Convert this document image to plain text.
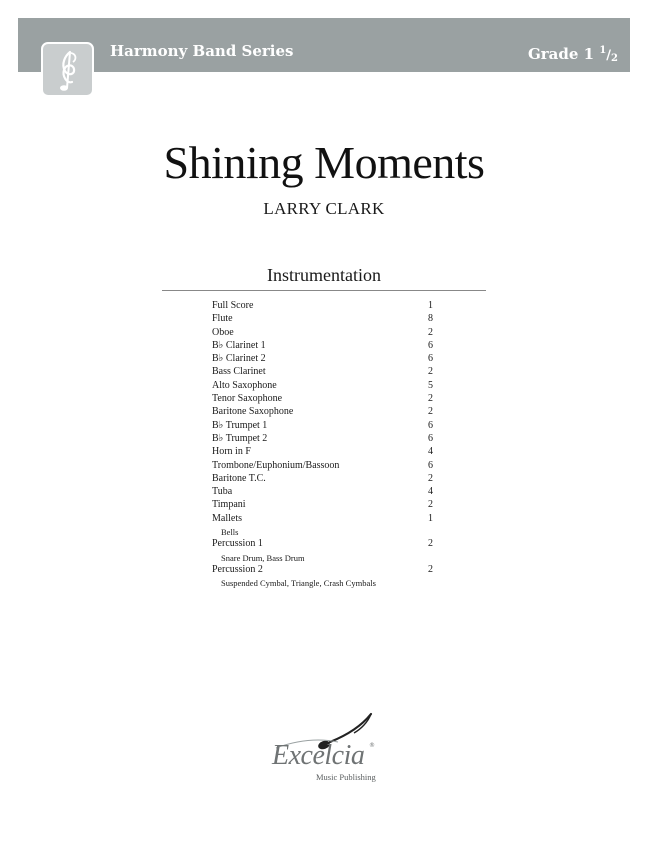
Harmony Band Series	Grade 1 $^1/_2$
Shining Moments
LARRY CLARK
Instrumentation
Full Score	1
Flute	8
Oboe	2
B♭ Clarinet 1	6
B♭ Clarinet 2	6
Bass Clarinet	2
Alto Saxophone	5
Tenor Saxophone	2
Baritone Saxophone	2
B♭ Trumpet 1	6
B♭ Trumpet 2	6
Horn in F	4
Trombone/Euphonium/Bassoon	6
Baritone T.C.	2
Tuba	4
Timpani	2
Mallets	1
Bells
Percussion 1	2
Snare Drum, Bass Drum
Percussion 2	2
Suspended Cymbal, Triangle, Crash Cymbals
Excelcia ®
Music Publishing
